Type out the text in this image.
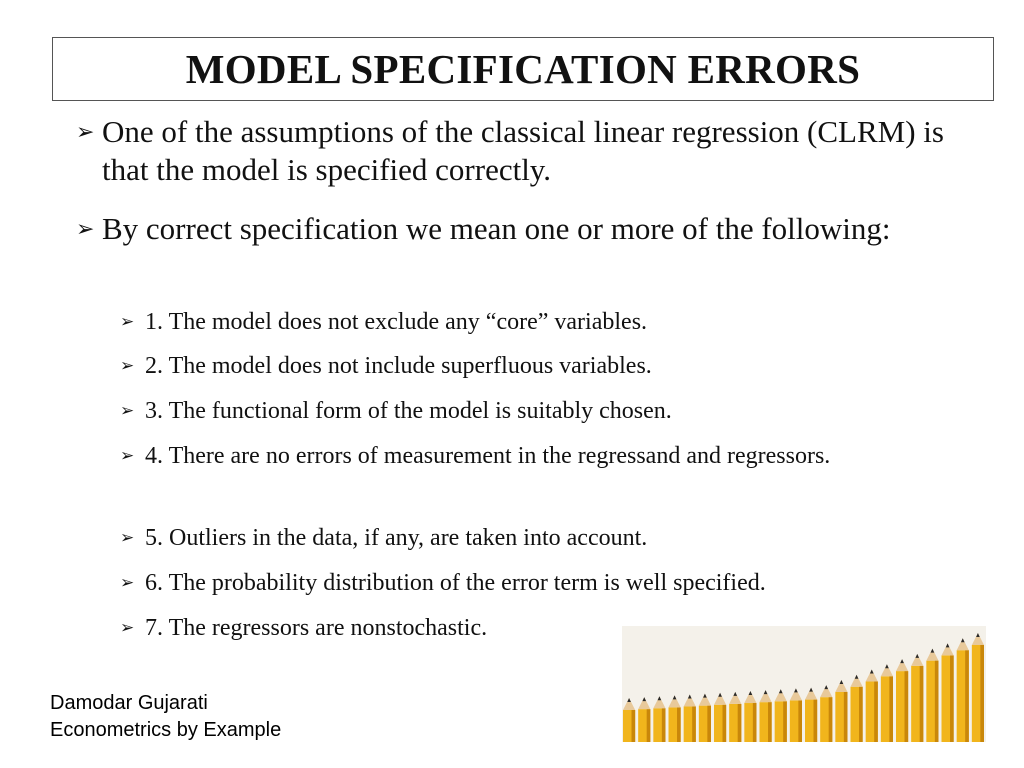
MODEL SPECIFICATION ERRORS
➢ One of the assumptions of the classical linear regression (CLRM) is that the model is specified correctly.
➢ By correct specification we mean one or more of the following:
➢ 1. The model does not exclude any “core” variables.
➢ 2. The model does not include superfluous variables.
➢ 3. The functional form of the model is suitably chosen.
➢ 4. There are no errors of measurement in the regressand and regressors.
➢ 5. Outliers in the data, if any, are taken into account.
➢ 6. The probability distribution of the error term is well specified.
➢ 7. The regressors are nonstochastic.
Damodar Gujarati
Econometrics by Example
